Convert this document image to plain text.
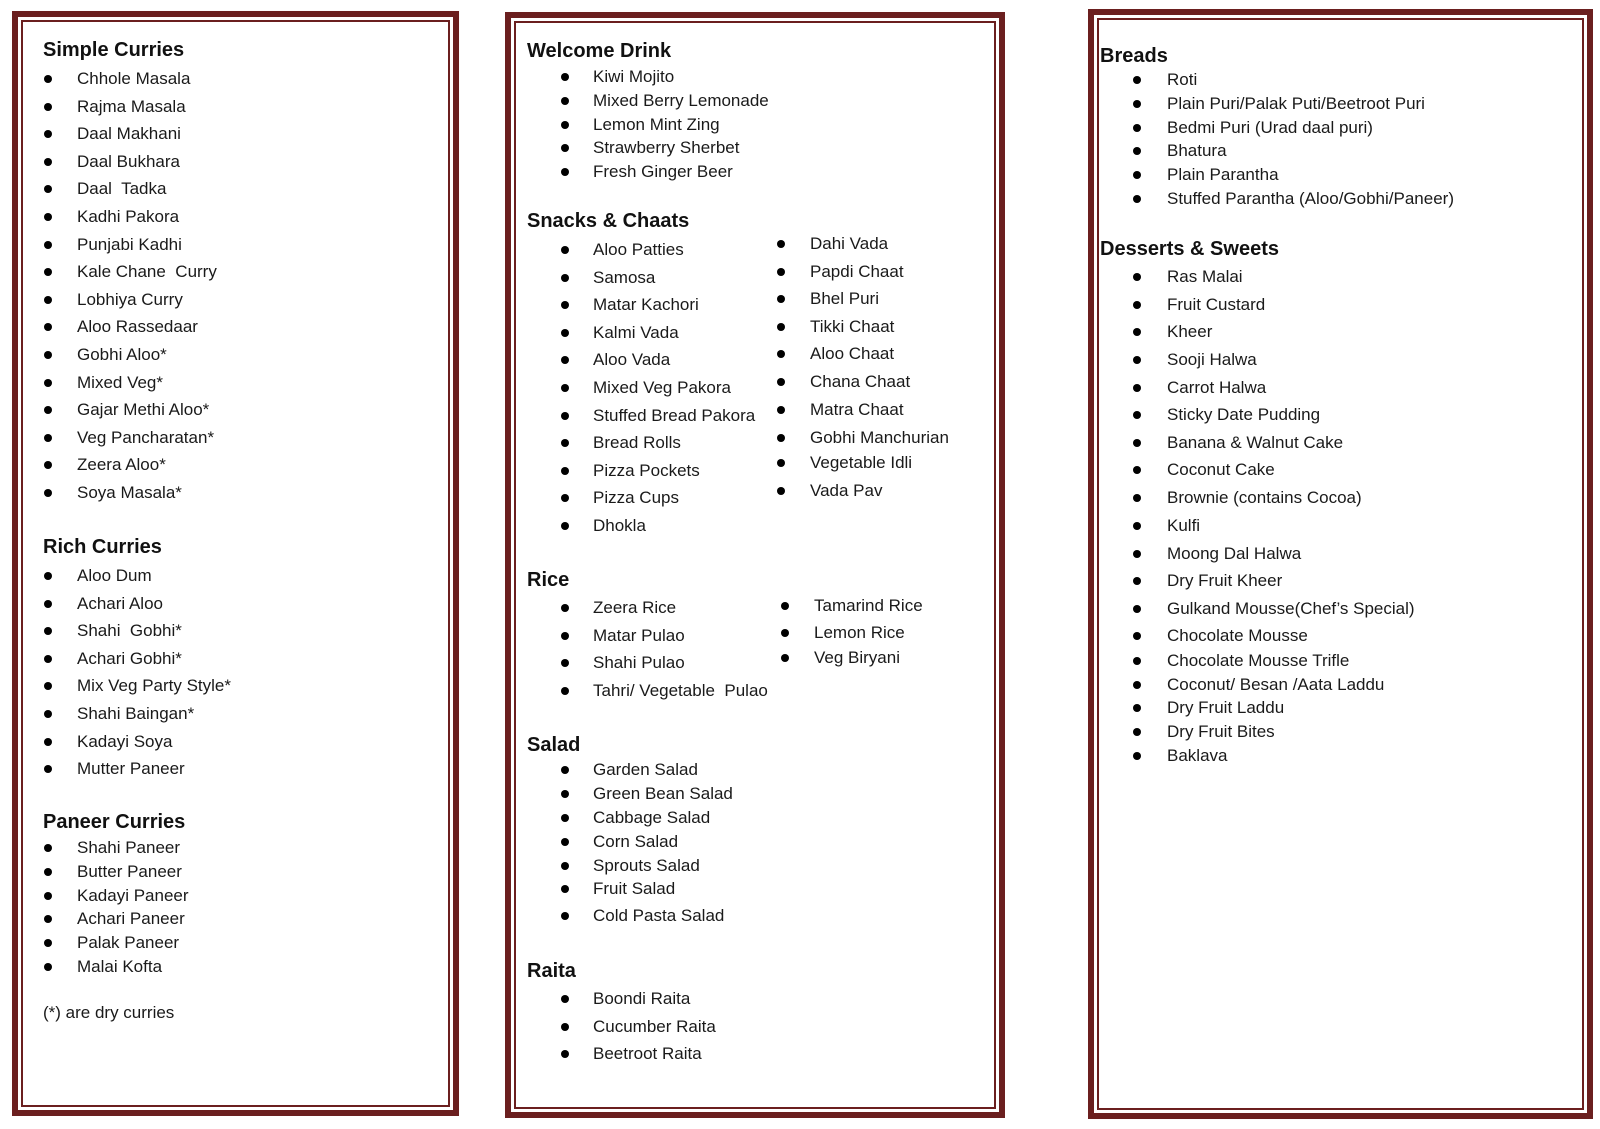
Simple Curries
Chhole Masala
Rajma Masala
Daal Makhani
Daal Bukhara
Daal  Tadka
Kadhi Pakora
Punjabi Kadhi
Kale Chane  Curry
Lobhiya Curry
Aloo Rassedaar
Gobhi Aloo*
Mixed Veg*
Gajar Methi Aloo*
Veg Pancharatan*
Zeera Aloo*
Soya Masala*
Rich Curries
Aloo Dum
Achari Aloo
Shahi  Gobhi*
Achari Gobhi*
Mix Veg Party Style*
Shahi Baingan*
Kadayi Soya
Mutter Paneer
Paneer Curries
Shahi Paneer
Butter Paneer
Kadayi Paneer
Achari Paneer
Palak Paneer
Malai Kofta
(*) are dry curries
Welcome Drink
Kiwi Mojito
Mixed Berry Lemonade
Lemon Mint Zing
Strawberry Sherbet
Fresh Ginger Beer
Snacks & Chaats
Aloo Patties
Samosa
Matar Kachori
Kalmi Vada
Aloo Vada
Mixed Veg Pakora
Stuffed Bread Pakora
Bread Rolls
Pizza Pockets
Pizza Cups
Dhokla
Dahi Vada
Papdi Chaat
Bhel Puri
Tikki Chaat
Aloo Chaat
Chana Chaat
Matra Chaat
Gobhi Manchurian
Vegetable Idli
Vada Pav
Rice
Zeera Rice
Matar Pulao
Shahi Pulao
Tahri/ Vegetable  Pulao
Tamarind Rice
Lemon Rice
Veg Biryani
Salad
Garden Salad
Green Bean Salad
Cabbage Salad
Corn Salad
Sprouts Salad
Fruit Salad
Cold Pasta Salad
Raita
Boondi Raita
Cucumber Raita
Beetroot Raita
Breads
Roti
Plain Puri/Palak Puti/Beetroot Puri
Bedmi Puri (Urad daal puri)
Bhatura
Plain Parantha
Stuffed Parantha (Aloo/Gobhi/Paneer)
Desserts & Sweets
Ras Malai
Fruit Custard
Kheer
Sooji Halwa
Carrot Halwa
Sticky Date Pudding
Banana & Walnut Cake
Coconut Cake
Brownie (contains Cocoa)
Kulfi
Moong Dal Halwa
Dry Fruit Kheer
Gulkand Mousse(Chef’s Special)
Chocolate Mousse
Chocolate Mousse Trifle
Coconut/ Besan /Aata Laddu
Dry Fruit Laddu
Dry Fruit Bites
Baklava
